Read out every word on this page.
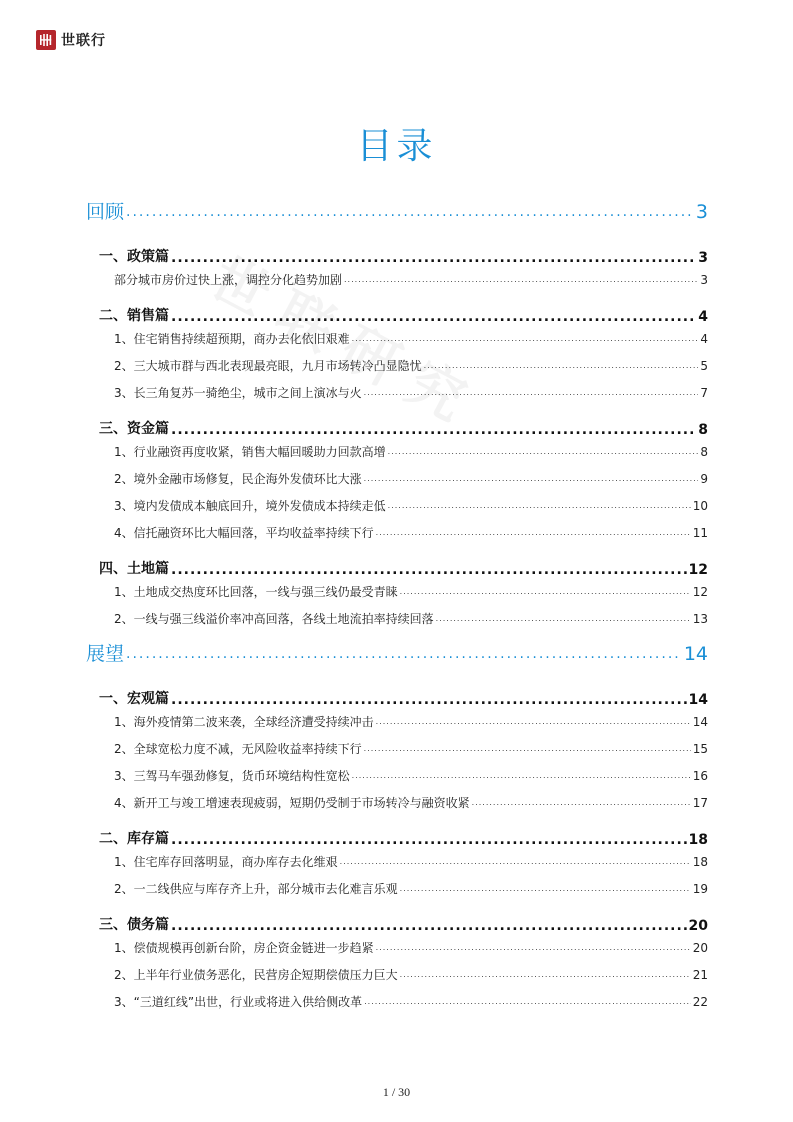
世联行
目录
回顾 .....	3
一、政策篇 .....	3
部分城市房价过快上涨，调控分化趋势加剧 .....	3
二、销售篇 .....	4
1、住宅销售持续超预期，商办去化依旧艰难 .....	4
2、三大城市群与西北表现最亮眼，九月市场转冷凸显隐忧 .....	5
3、长三角复苏一骑绝尘，城市之间上演冰与火 .....	7
三、资金篇 .....	8
1、行业融资再度收紧，销售大幅回暖助力回款高增 .....	8
2、境外金融市场修复，民企海外发债环比大涨 .....	9
3、境内发债成本触底回升，境外发债成本持续走低 .....	10
4、信托融资环比大幅回落，平均收益率持续下行 .....	11
四、土地篇 .....	12
1、土地成交热度环比回落，一线与强三线仍最受青睐 .....	12
2、一线与强三线溢价率冲高回落，各线土地流拍率持续回落 .....	13
展望 .....	14
一、宏观篇 .....	14
1、海外疫情第二波来袭，全球经济遭受持续冲击 .....	14
2、全球宽松力度不减，无风险收益率持续下行 .....	15
3、三驾马车强劲修复，货币环境结构性宽松 .....	16
4、新开工与竣工增速表现疲弱，短期仍受制于市场转冷与融资收紧 .....	17
二、库存篇 .....	18
1、住宅库存回落明显，商办库存去化维艰 .....	18
2、一二线供应与库存齐上升，部分城市去化难言乐观 .....	19
三、债务篇 .....	20
1、偿债规模再创新台阶，房企资金链进一步趋紧 .....	20
2、上半年行业债务恶化，民营房企短期偿债压力巨大 .....	21
3、“三道红线”出世，行业或将进入供给侧改革 .....	22
1 / 30
